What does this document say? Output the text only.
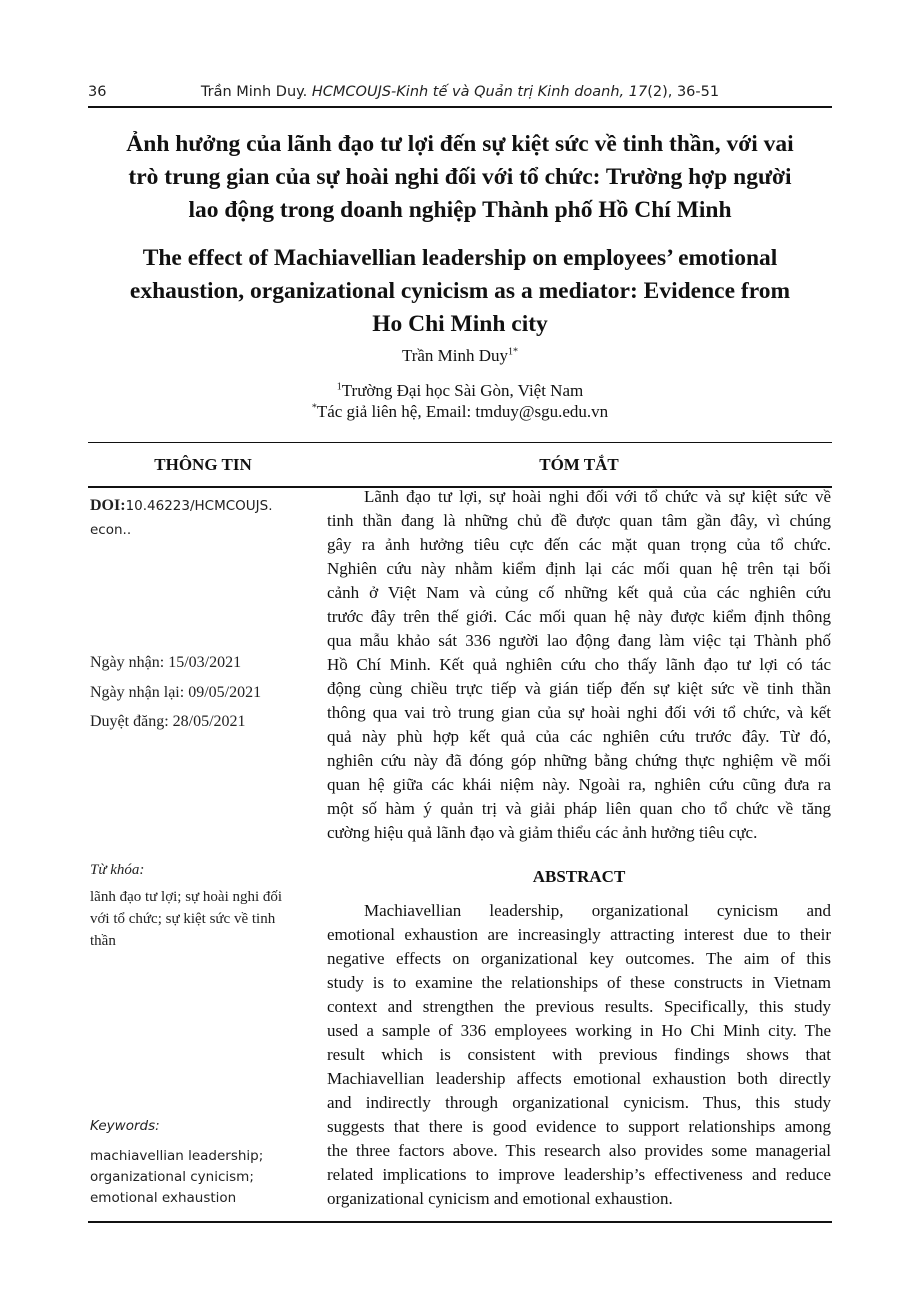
36	Trần Minh Duy. HCMCOUJS-Kinh tế và Quản trị Kinh doanh, 17(2), 36-51
Ảnh hưởng của lãnh đạo tư lợi đến sự kiệt sức về tinh thần, với vai
trò trung gian của sự hoài nghi đối với tổ chức: Trường hợp người
lao động trong doanh nghiệp Thành phố Hồ Chí Minh
The effect of Machiavellian leadership on employees’ emotional
exhaustion, organizational cynicism as a mediator: Evidence from
Ho Chi Minh city
Trần Minh Duy$^{1*}$
$^1$Trường Đại học Sài Gòn, Việt Nam
*Tác giả liên hệ, Email: tmduy@sgu.edu.vn
THÔNG TIN	TÓM TẮT
DOI:10.46223/HCMCOUJS.
econ..
Ngày nhận: 15/03/2021
Ngày nhận lại: 09/05/2021
Duyệt đăng: 28/05/2021
Từ khóa:
lãnh đạo tư lợi; sự hoài nghi đối
với tổ chức; sự kiệt sức về tinh
thần
Keywords:
machiavellian leadership;
organizational cynicism;
emotional exhaustion
Lãnh đạo tư lợi, sự hoài nghi đối với tổ chức và sự kiệt sức về
tinh thần đang là những chủ đề được quan tâm gần đây, vì chúng
gây ra ảnh hưởng tiêu cực đến các mặt quan trọng của tổ chức.
Nghiên cứu này nhằm kiểm định lại các mối quan hệ trên tại bối
cảnh ở Việt Nam và củng cố những kết quả của các nghiên cứu
trước đây trên thế giới. Các mối quan hệ này được kiểm định thông
qua mẫu khảo sát 336 người lao động đang làm việc tại Thành phố
Hồ Chí Minh. Kết quả nghiên cứu cho thấy lãnh đạo tư lợi có tác
động cùng chiều trực tiếp và gián tiếp đến sự kiệt sức về tinh thần
thông qua vai trò trung gian của sự hoài nghi đối với tổ chức, và kết
quả này phù hợp kết quả của các nghiên cứu trước đây. Từ đó,
nghiên cứu này đã đóng góp những bằng chứng thực nghiệm về mối
quan hệ giữa các khái niệm này. Ngoài ra, nghiên cứu cũng đưa ra
một số hàm ý quản trị và giải pháp liên quan cho tổ chức về tăng
cường hiệu quả lãnh đạo và giảm thiểu các ảnh hưởng tiêu cực.
ABSTRACT
Machiavellian leadership, organizational cynicism and
emotional exhaustion are increasingly attracting interest due to their
negative effects on organizational key outcomes. The aim of this
study is to examine the relationships of these constructs in Vietnam
context and strengthen the previous results. Specifically, this study
used a sample of 336 employees working in Ho Chi Minh city. The
result which is consistent with previous findings shows that
Machiavellian leadership affects emotional exhaustion both directly
and indirectly through organizational cynicism. Thus, this study
suggests that there is good evidence to support relationships among
the three factors above. This research also provides some managerial
related implications to improve leadership’s effectiveness and reduce
organizational cynicism and emotional exhaustion.
